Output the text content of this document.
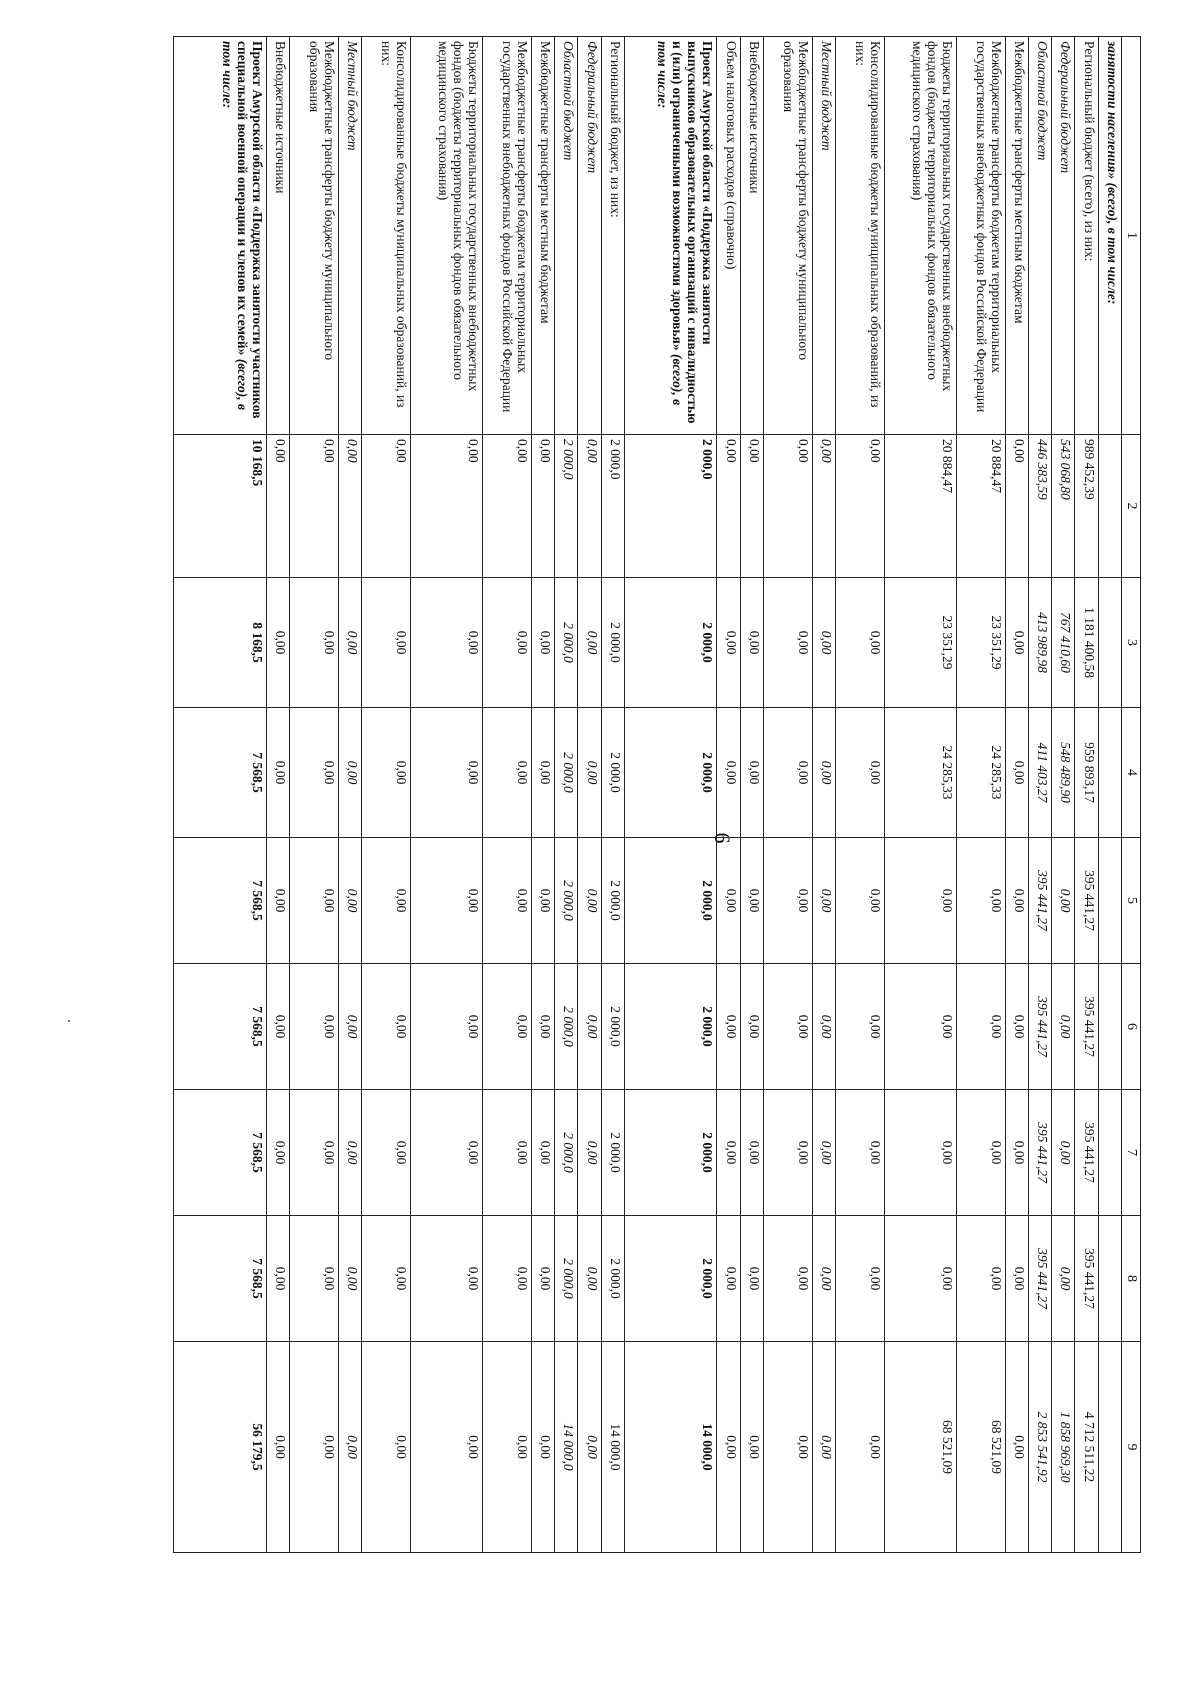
6
1	2	3	4	5	6	7	8	9
занятости населения» (всего), в том числе:								
Региональный бюджет (всего), из них:	989 452,39	1 181 400,58	959 893,17	395 441,27	395 441,27	395 441,27	395 441,27	4 712 511,22
Федеральный бюджет	543 068,80	767 410,60	548 489,90	0,00	0,00	0,00	0,00	1 858 969,30
Областной бюджет	446 383,59	413 989,98	411 403,27	395 441,27	395 441,27	395 441,27	395 441,27	2 853 541,92
Межбюджетные трансферты местным бюджетам	0,00	0,00	0,00	0,00	0,00	0,00	0,00	0,00
Межбюджетные трансферты бюджетам территориальных государственных внебюджетных фондов Российской Федерации	20 884,47	23 351,29	24 285,33	0,00	0,00	0,00	0,00	68 521,09
Бюджеты территориальных государственных внебюджетных фондов (бюджеты территориальных фондов обязательного медицинского страхования)	20 884,47	23 351,29	24 285,33	0,00	0,00	0,00	0,00	68 521,09
Консолидированные бюджеты муниципальных образований, из них:	0,00	0,00	0,00	0,00	0,00	0,00	0,00	0,00
Местный бюджет	0,00	0,00	0,00	0,00	0,00	0,00	0,00	0,00
Межбюджетные трансферты бюджету муниципального образования	0,00	0,00	0,00	0,00	0,00	0,00	0,00	0,00
Внебюджетные источники	0,00	0,00	0,00	0,00	0,00	0,00	0,00	0,00
Объем налоговых расходов (справочно)	0,00	0,00	0,00	0,00	0,00	0,00	0,00	0,00
Проект Амурской области «Поддержка занятости выпускников образовательных организаций с инвалидностью и (или) ограниченными возможностями здоровья» (всего), в том числе:	2 000,0	2 000,0	2 000,0	2 000,0	2 000,0	2 000,0	2 000,0	14 000,0
Региональный бюджет, из них:	2 000,0	2 000,0	2 000,0	2 000,0	2 000,0	2 000,0	2 000,0	14 000,0
Федеральный бюджет	0,00	0,00	0,00	0,00	0,00	0,00	0,00	0,00
Областной бюджет	2 000,0	2 000,0	2 000,0	2 000,0	2 000,0	2 000,0	2 000,0	14 000,0
Межбюджетные трансферты местным бюджетам	0,00	0,00	0,00	0,00	0,00	0,00	0,00	0,00
Межбюджетные трансферты бюджетам территориальных государственных внебюджетных фондов Российской Федерации	0,00	0,00	0,00	0,00	0,00	0,00	0,00	0,00
Бюджеты территориальных государственных внебюджетных фондов (бюджеты территориальных фондов обязательного медицинского страхования)	0,00	0,00	0,00	0,00	0,00	0,00	0,00	0,00
Консолидированные бюджеты муниципальных образований, из них:	0,00	0,00	0,00	0,00	0,00	0,00	0,00	0,00
Местный бюджет	0,00	0,00	0,00	0,00	0,00	0,00	0,00	0,00
Межбюджетные трансферты бюджету муниципального образования	0,00	0,00	0,00	0,00	0,00	0,00	0,00	0,00
Внебюджетные источники	0,00	0,00	0,00	0,00	0,00	0,00	0,00	0,00
Проект Амурской области «Поддержка занятости участников специальной военной операции и членов их семей» (всего), в том числе:	10 168,5	8 168,5	7 568,5	7 568,5	7 568,5	7 568,5	7 568,5	56 179,5
